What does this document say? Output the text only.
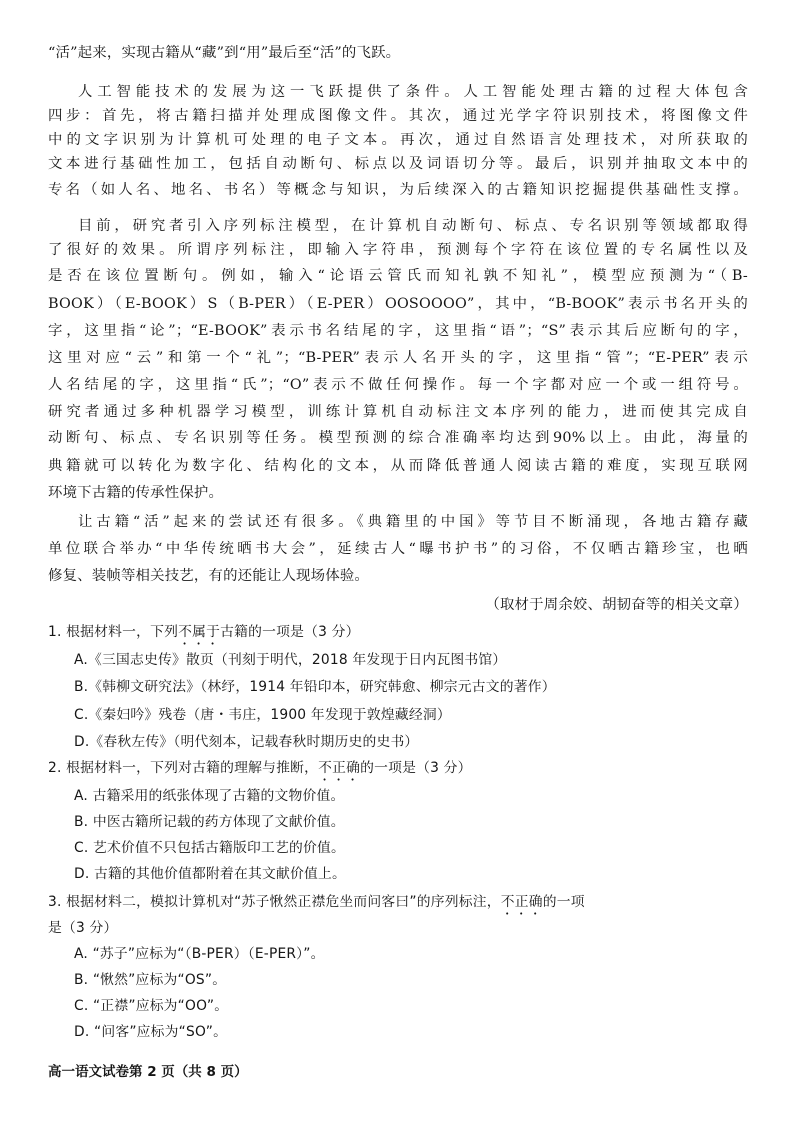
“活”起来，实现古籍从“藏”到“用”最后至“活”的飞跃。
人工智能技术的发展为这一飞跃提供了条件。人工智能处理古籍的过程大体包含
四步：首先，将古籍扫描并处理成图像文件。其次，通过光学字符识别技术，将图像文件
中的文字识别为计算机可处理的电子文本。再次，通过自然语言处理技术，对所获取的
文本进行基础性加工，包括自动断句、标点以及词语切分等。最后，识别并抽取文本中的
专名（如人名、地名、书名）等概念与知识，为后续深入的古籍知识挖掘提供基础性支撑。
目前，研究者引入序列标注模型，在计算机自动断句、标点、专名识别等领域都取得
了很好的效果。所谓序列标注，即输入字符串，预测每个字符在该位置的专名属性以及
是否在该位置断句。例如，输入“论语云管氏而知礼孰不知礼”，模型应预测为“（B-
BOOK）（E-BOOK）S（B-PER）（E-PER）OOSOOOO”，其中，“B-BOOK”表示书名开头的
字，这里指“论”；“E-BOOK”表示书名结尾的字，这里指“语”；“S”表示其后应断句的字，
这里对应“云”和第一个“礼”；“B-PER”表示人名开头的字，这里指“管”；“E-PER”表示
人名结尾的字，这里指“氏”；“O”表示不做任何操作。每一个字都对应一个或一组符号。
研究者通过多种机器学习模型，训练计算机自动标注文本序列的能力，进而使其完成自
动断句、标点、专名识别等任务。模型预测的综合准确率均达到90%以上。由此，海量的
典籍就可以转化为数字化、结构化的文本，从而降低普通人阅读古籍的难度，实现互联网
环境下古籍的传承性保护。
让古籍“活”起来的尝试还有很多。《典籍里的中国》等节目不断涌现，各地古籍存藏
单位联合举办“中华传统晒书大会”，延续古人“曝书护书”的习俗，不仅晒古籍珍宝，也晒
修复、装帧等相关技艺，有的还能让人现场体验。
（取材于周余姣、胡韧奋等的相关文章）
1. 根据材料一，下列不属于古籍的一项是（3 分）
A.《三国志史传》散页（刊刻于明代，2018 年发现于日内瓦图书馆）
B.《韩柳文研究法》（林纾，1914 年铅印本，研究韩愈、柳宗元古文的著作）
C.《秦妇吟》残卷（唐・韦庄，1900 年发现于敦煌藏经洞）
D.《春秋左传》（明代刻本，记载春秋时期历史的史书）
2. 根据材料一，下列对古籍的理解与推断，不正确的一项是（3 分）
A. 古籍采用的纸张体现了古籍的文物价值。
B. 中医古籍所记载的药方体现了文献价值。
C. 艺术价值不只包括古籍版印工艺的价值。
D. 古籍的其他价值都附着在其文献价值上。
3. 根据材料二，模拟计算机对“苏子愀然正襟危坐而问客曰”的序列标注，不正确的一项
是（3 分）
A. “苏子”应标为“（B-PER）（E-PER）”。
B. “愀然”应标为“OS”。
C. “正襟”应标为“OO”。
D. “问客”应标为“SO”。
高一语文试卷第 2 页（共 8 页）
